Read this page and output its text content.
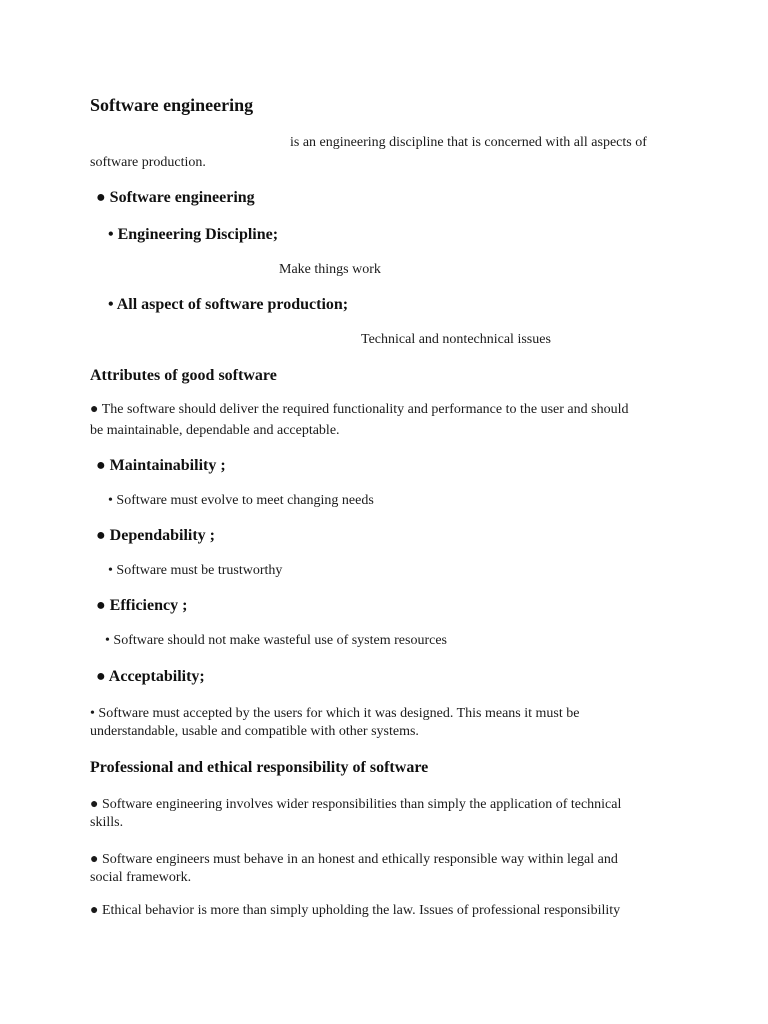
Software engineering
is an engineering discipline that is concerned with all aspects of
software production.
● Software engineering
• Engineering Discipline;
Make things work
• All aspect of software production;
Technical and nontechnical issues
Attributes of good software
● The software should deliver the required functionality and performance to the user and should
be maintainable, dependable and acceptable.
● Maintainability ;
• Software must evolve to meet changing needs
● Dependability ;
• Software must be trustworthy
● Efficiency ;
• Software should not make wasteful use of system resources
● Acceptability;

• Software must accepted by the users for which it was designed. This means it must be

understandable, usable and compatible with other systems.
Professional and ethical responsibility of software

● Software engineering involves wider responsibilities than simply the application of technical

skills.

● Software engineers must behave in an honest and ethically responsible way within legal and

social framework.
● Ethical behavior is more than simply upholding the law. Issues of professional responsibility
